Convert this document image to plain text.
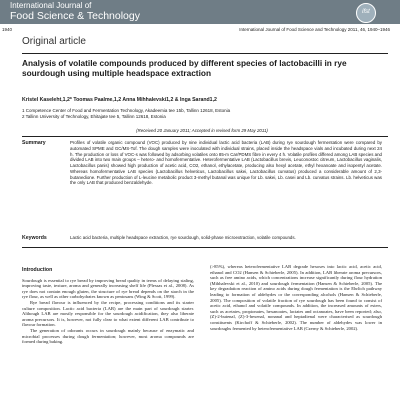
International Journal of
Food Science & Technology	ifst
1940	International Journal of Food Science and Technology 2011, 46, 1940–1946
Original article
Analysis of volatile compounds produced by different species of lactobacilli in rye sourdough using multiple headspace extraction
Kristel Kaseleht,1,2* Toomas Paalme,1,2 Anna Mihhalevski1,2 & Inga Sarand1,2
1 Competence Center of Food and Fermentation Technology, Akadeemia tee 15b, Tallinn 12618, Estonia
2 Tallinn University of Technology, Ehitajate tee 5, Tallinn 12618, Estonia
(Received 20 January 2011; Accepted in revised form 29 May 2011)
Summary	Profiles of volatile organic compound (VOC) produced by nine individual lactic acid bacteria (LAB) during rye sourdough fermentation were compared by automated SPME and GC/MS-Tof. The dough samples were inoculated with individual strains, placed inside the headspace vials and incubated during next 24 h. The production or loss of VOC-s was followed by adsorbing volatiles onto 85-m Car/PDMS fibre in every 4 h. Volatile profiles differed among LAB species and divided LAB into two main groups – hetero- and homofermentative. Heterofermentative LAB (Lactobacillus brevis, Leuconostoc citreum, Lactobacillus vaginalis, Lactobacillus panis) showed high production of acetic acid, CO2, ethanol, ethylacetate, producing also hexyl acetate, ethyl hexanoate and isopentyl acetate. Whereas homofermentative LAB species (Lactobacillus helveticus, Lactobacillus sakei, Lactobacillus curvatus) produced a considerable amount of 2,3-butanedione. Further production of L-leucine metabolic product 3-methyl butanal was unique for Lb. sakei, Lb. casei and Lb. curvatus strains. Lb. helveticus was the only LAB that produced benzaldehyde.
Keywords	Lactic acid bacteria, multiple headspace extraction, rye sourdough, solid-phase microextraction, volatile compounds.
Introduction

Sourdough is essential to rye bread by improving bread quality in terms of delaying staling, improving taste, texture, aroma and generally increasing shelf life (Plessas et al., 2008). As rye does not contain enough gluten, the structure of rye bread depends on the starch in the rye flour, as well as other carbohydrates known as pentosans (Wing & Scott, 1999).

Rye bread flavour is influenced by the recipe, processing conditions and its starter culture composition. Lactic acid bacteria (LAB) are the main part of sourdough starter. Although LAB are mostly responsible for the sourdough acidification, they also liberate aroma precursors. It is, however, not fully clear to what extent different LAB contribute to flavour formation.

The generation of odorants occurs in sourdough mainly because of enzymatic and microbial processes during dough fermentation; however, most aroma compounds are formed during baking.

(>85%), whereas heterofermentative LAB degrade hexoses into lactic acid, acetic acid, ethanol and CO2 (Hansen & Schieberle, 2005). In addition, LAB liberate aroma precursors, such as free amino acids, which concentrations increase significantly during flour hydration (Mihhalevski et al., 2010) and sourdough fermentation (Hansen & Schieberle, 2005). The key degradation reaction of amino acids during dough fermentation is the Ehrlich pathway leading to formation of aldehydes or the corresponding alcohols (Hansen & Schieberle, 2005). The composition of volatile fraction of rye sourdough has been found to consist of acetic acid, ethanol and volatile compounds. In addition, the increased amounts of esters, such as acetates, propionates, hexanoates, lactates and octanoates, have been reported; also, (Z)-2-butenal, (Z)-3-hexenal, nonanal and heptadienal were characterised as sourdough constituents (Kirchoff & Schieberle, 2002). The number of aldehydes was lower in sourdoughs fermented by heterofermentative LAB (Czerny & Schieberle, 2002).
